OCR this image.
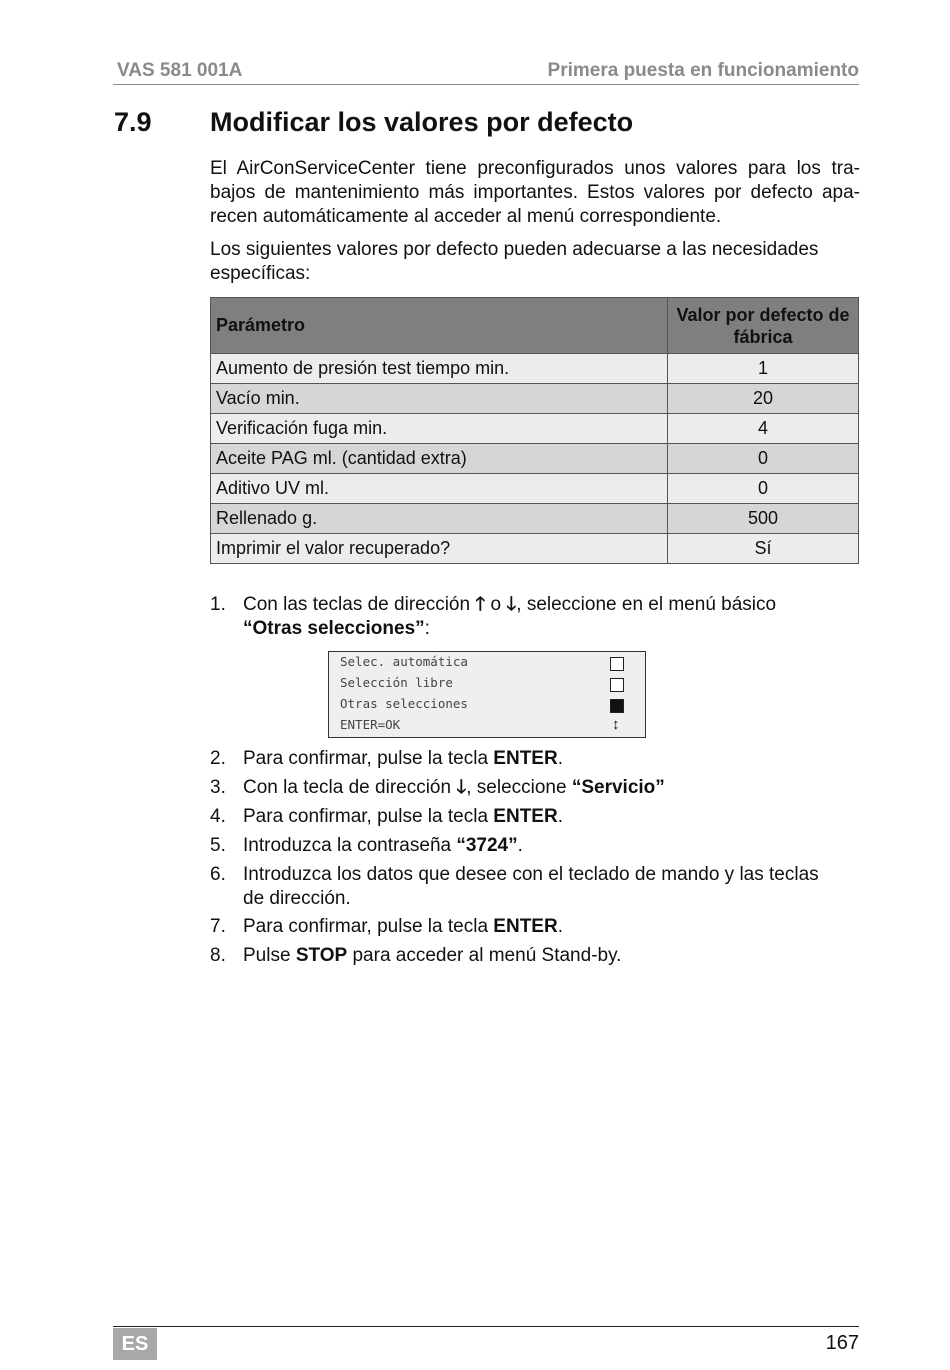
VAS 581 001A	Primera puesta en funcionamiento
7.9 Modificar los valores por defecto
El AirConServiceCenter tiene preconfigurados unos valores para los tra-
bajos de mantenimiento más importantes. Estos valores por defecto apa-
recen automáticamente al acceder al menú correspondiente.
Los siguientes valores por defecto pueden adecuarse a las necesidades
específicas:
Parámetro	Valor por defecto de fábrica
Aumento de presión test tiempo min.	1
Vacío min.	20
Verificación fuga min.	4
Aceite PAG ml. (cantidad extra)	0
Aditivo UV ml.	0
Rellenado g.	500
Imprimir el valor recuperado?	Sí
1. Con las teclas de dirección 🡑 o 🡓, seleccione en el menú básico
“Otras selecciones”:
Selec. automática
Selección libre
Otras selecciones
ENTER=OK	↕
2. Para confirmar, pulse la tecla ENTER.
3. Con la tecla de dirección 🡓, seleccione “Servicio”
4. Para confirmar, pulse la tecla ENTER.
5. Introduzca la contraseña “3724”.
6. Introduzca los datos que desee con el teclado de mando y las teclas
de dirección.
7. Para confirmar, pulse la tecla ENTER.
8. Pulse STOP para acceder al menú Stand-by.
ES	167
